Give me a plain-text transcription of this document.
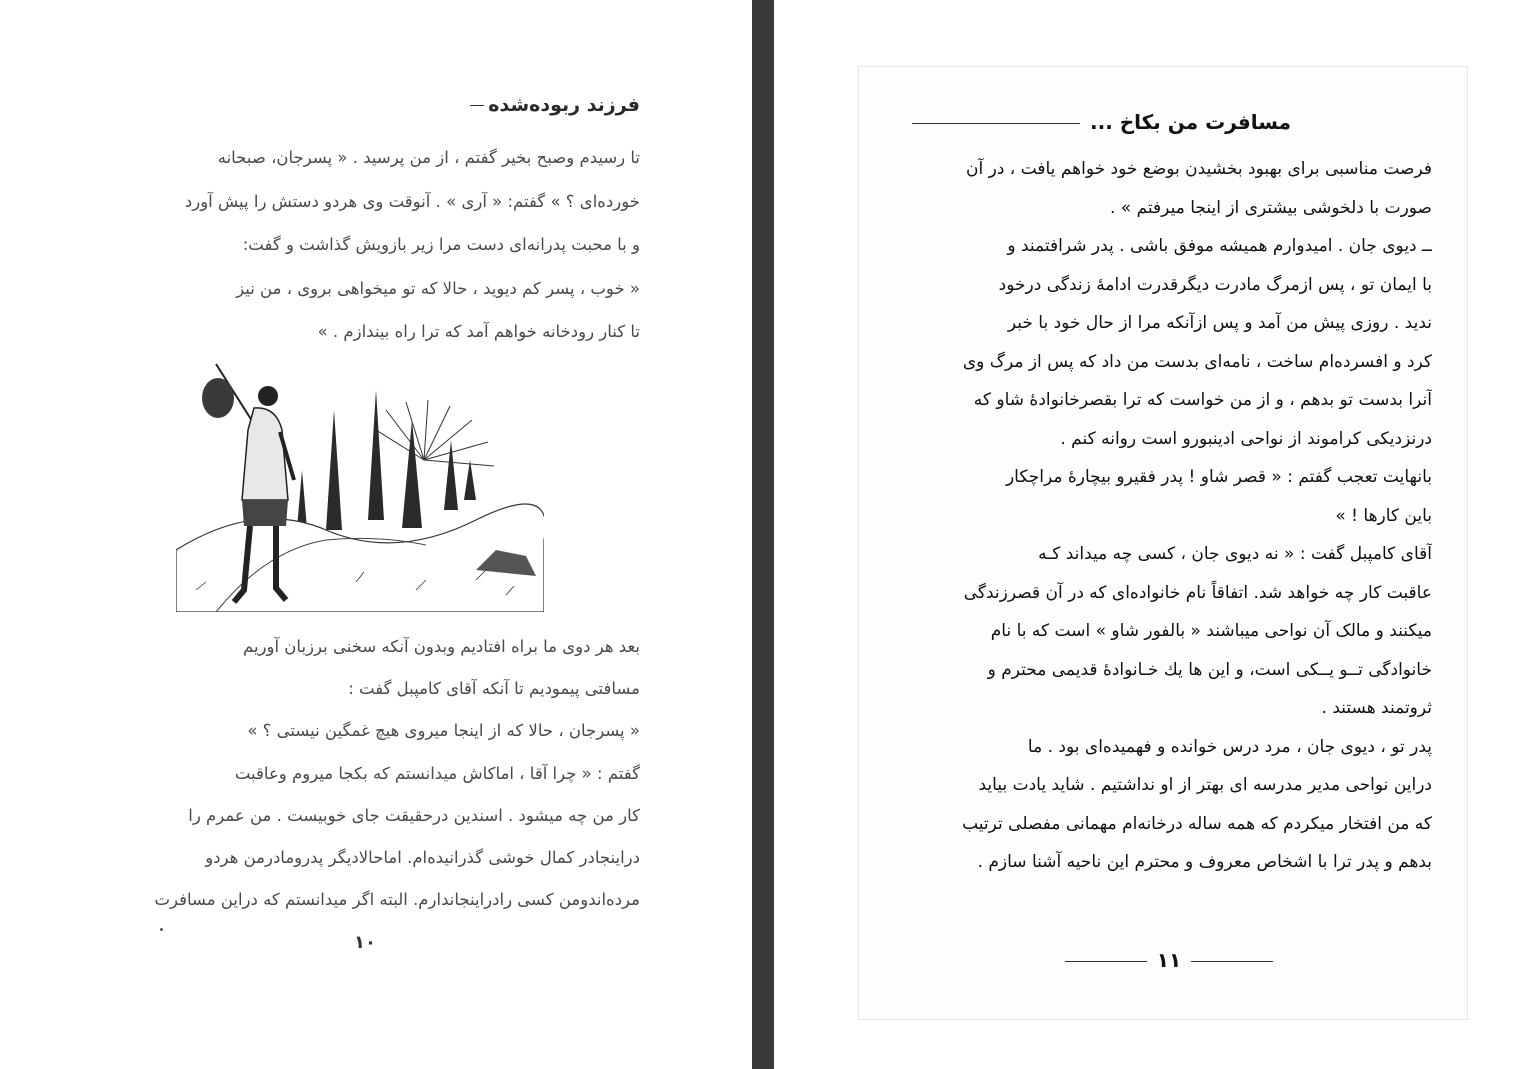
فرزند ربوده‌شده
تا رسیدم وصبح بخیر گفتم ، از من پرسید . « پسرجان، صبحانه
خورده‌ای ؟ » گفتم: « آری » . آنوقت وی هردو دستش را پیش آورد
و با محبت پدرانه‌ای دست مرا زیر بازویش گذاشت و گفت:
« خوب ، پسر کم دیوید ، حالا که تو میخواهی بروی ، من نیز
تا کنار رودخانه خواهم آمد که ترا راه بیندازم . »
بعد هر دوی ما براه افتادیم وبدون آنکه سخنی برزبان آوریم
مسافتی پیمودیم تا آنکه آقای کامپبل گفت :
« پسرجان ، حالا که از اینجا میروی هیچ غمگین نیستی ؟ »
گفتم : « چرا آقا ، اماکاش میدانستم که بکجا میروم وعاقبت
کار من چه میشود . اسندین درحقیقت جای خوبیست . من عمرم را
دراینجادر کمال خوشی گذرانیده‌ام. اماحالادیگر پدرومادرمن هردو
مرده‌اندومن کسی رادراینجاندارم. البته اگر میدانستم که دراین مسافرت
۱۰
مسافرت من بکاخ ...
فرصت مناسبی برای بهبود بخشیدن بوضع خود خواهم یافت ، در آن
صورت با دلخوشی بیشتری از اینجا میرفتم » .
ــ دیوی جان . امیدوارم همیشه موفق باشی . پدر شرافتمند و
با ایمان تو ، پس ازمرگ مادرت دیگرقدرت ادامهٔ زندگی درخود
ندید . روزی پیش من آمد و پس ازآنکه مرا از حال خود با خبر
کرد و افسرده‌ام ساخت ، نامه‌ای بدست من داد که پس از مرگ وی
آنرا بدست تو بدهم ، و از من خواست که ترا بقصرخانوادهٔ شاو که
درنزدیکی کراموند از نواحی ادینبورو است روانه کنم .
بانهایت تعجب گفتم : « قصر شاو ! پدر فقیرو بیچارهٔ مراچکار
باین کارها ! »
آقای کامپبل گفت : « نه دیوی جان ، کسی چه میداند کـه
عاقبت کار چه خواهد شد. اتفاقاً نام خانواده‌ای که در آن قصرزندگی
میکنند و مالک آن نواحی میباشند « بالفور شاو » است که با نام
خانوادگی تــو یــکی است، و این ها یك خـانوادهٔ قدیمی محترم و
ثروتمند هستند .
پدر تو ، دیوی جان ، مرد درس خوانده و فهمیده‌ای بود . ما
دراین نواحی مدیر مدرسه ای بهتر از او نداشتیم . شاید یادت بیاید
که من افتخار میکردم که همه ساله درخانه‌ام مهمانی مفصلی ترتیب
بدهم و پدر ترا با اشخاص معروف و محترم این ناحیه آشنا سازم .
۱۱
